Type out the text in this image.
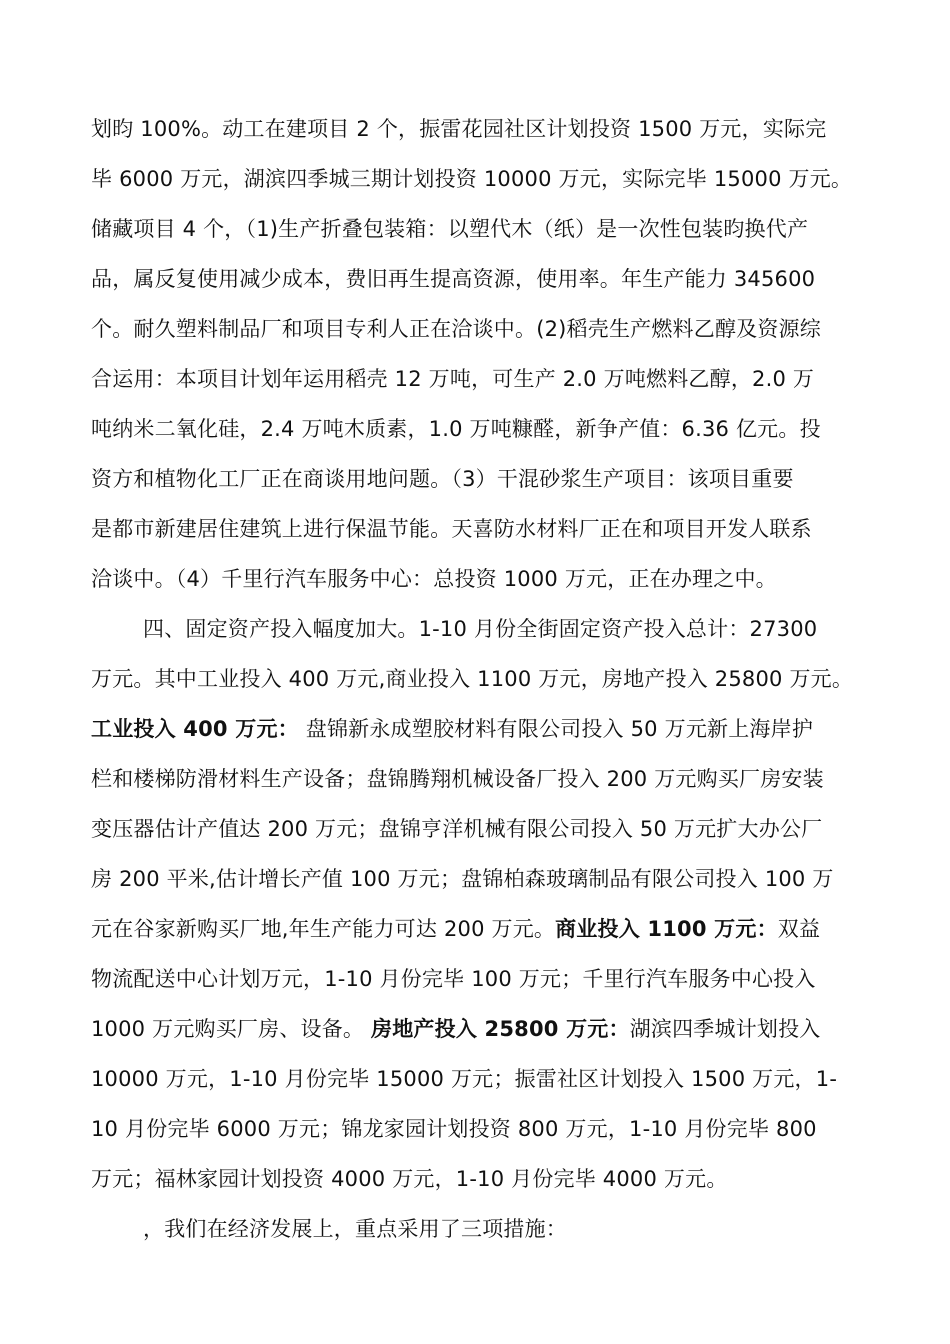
划昀 100%。动工在建项目 2 个，振雷花园社区计划投资 1500 万元，实际完
毕 6000 万元，湖滨四季城三期计划投资 10000 万元，实际完毕 15000 万元。
储藏项目 4 个，（1)生产折叠包装箱：以塑代木（纸）是一次性包装昀换代产
品，属反复使用减少成本，费旧再生提高资源，使用率。年生产能力 345600
个。耐久塑料制品厂和项目专利人正在洽谈中。(2)稻壳生产燃料乙醇及资源综
合运用：本项目计划年运用稻壳 12 万吨，可生产 2.0 万吨燃料乙醇，2.0 万
吨纳米二氧化硅，2.4 万吨木质素，1.0 万吨糠醛，新争产值：6.36 亿元。投
资方和植物化工厂正在商谈用地问题。（3）干混砂浆生产项目：该项目重要
是都市新建居住建筑上进行保温节能。天喜防水材料厂正在和项目开发人联系
洽谈中。（4）千里行汽车服务中心：总投资 1000 万元，正在办理之中。
四、固定资产投入幅度加大。1-10 月份全街固定资产投入总计：27300
万元。其中工业投入 400 万元,商业投入 1100 万元，房地产投入 25800 万元。
工业投入 400 万元： 盘锦新永成塑胶材料有限公司投入 50 万元新上海岸护
栏和楼梯防滑材料生产设备；盘锦腾翔机械设备厂投入 200 万元购买厂房安装
变压器估计产值达 200 万元；盘锦亨洋机械有限公司投入 50 万元扩大办公厂
房 200 平米,估计增长产值 100 万元；盘锦柏森玻璃制品有限公司投入 100 万
元在谷家新购买厂地,年生产能力可达 200 万元。商业投入 1100 万元：双益
物流配送中心计划万元，1-10 月份完毕 100 万元；千里行汽车服务中心投入
1000 万元购买厂房、设备。 房地产投入 25800 万元：湖滨四季城计划投入
10000 万元，1-10 月份完毕 15000 万元；振雷社区计划投入 1500 万元，1-
10 月份完毕 6000 万元；锦龙家园计划投资 800 万元，1-10 月份完毕 800
万元；福林家园计划投资 4000 万元，1-10 月份完毕 4000 万元。
，我们在经济发展上，重点采用了三项措施：
